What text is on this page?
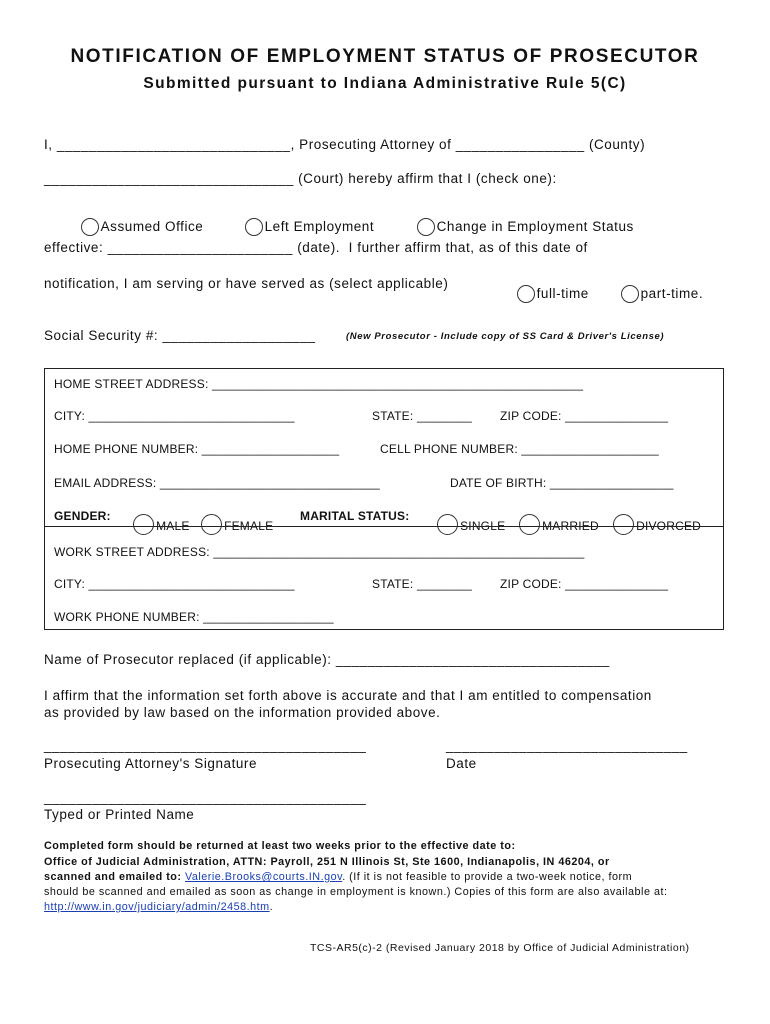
NOTIFICATION OF EMPLOYMENT STATUS OF PROSECUTOR
Submitted pursuant to Indiana Administrative Rule 5(C)
I, _____________________________, Prosecuting Attorney of ________________ (County)
_______________________________ (Court) hereby affirm that I (check one):

Assumed Office	Left Employment	Change in Employment Status

effective: _______________________ (date).  I further affirm that, as of this date of
notification, I am serving or have served as (select applicable)

full-time	part-time.

Social Security #: ___________________	(New Prosecutor - Include copy of SS Card & Driver's License)
HOME STREET ADDRESS: ______________________________________________________
CITY: ______________________________	STATE: ________ ZIP CODE: _______________
HOME PHONE NUMBER: ____________________	CELL PHONE NUMBER: ____________________
EMAIL ADDRESS: ________________________________	DATE OF BIRTH: __________________
GENDER:

MALE	FEMALE

MARITAL STATUS:

SINGLE	MARRIED	DIVORCED

WORK STREET ADDRESS: ______________________________________________________
CITY: ______________________________	STATE: ________ ZIP CODE: _______________
WORK PHONE NUMBER: ___________________
Name of Prosecutor replaced (if applicable): __________________________________
I affirm that the information set forth above is accurate and that I am entitled to compensation
as provided by law based on the information provided above.
________________________________________
Prosecuting Attorney's Signature
______________________________
Date
________________________________________
Typed or Printed Name
Completed form should be returned at least two weeks prior to the effective date to:
Office of Judicial Administration, ATTN: Payroll, 251 N Illinois St, Ste 1600, Indianapolis, IN 46204, or
scanned and emailed to: Valerie.Brooks@courts.IN.gov. (If it is not feasible to provide a two-week notice, form
should be scanned and emailed as soon as change in employment is known.) Copies of this form are also available at:
http://www.in.gov/judiciary/admin/2458.htm.
TCS-AR5(c)-2 (Revised January 2018 by Office of Judicial Administration)
